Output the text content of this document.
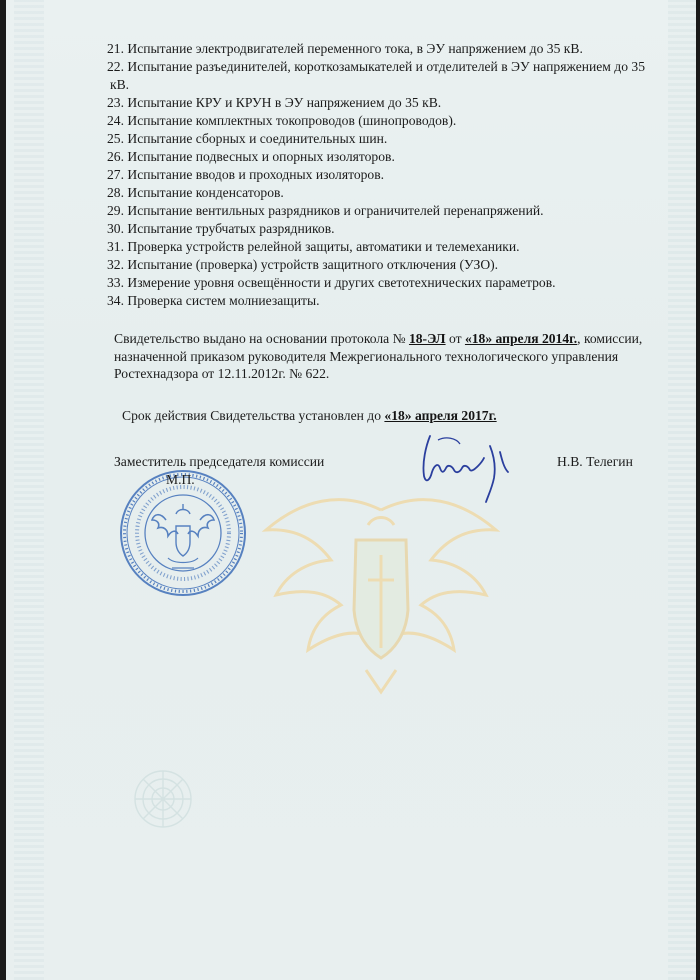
21. Испытание электродвигателей переменного тока, в ЭУ напряжением до 35 кВ.
22. Испытание разъединителей, короткозамыкателей и отделителей в ЭУ напряжением до 35 кВ.
23. Испытание КРУ и КРУН в ЭУ напряжением до 35 кВ.
24. Испытание комплектных токопроводов (шинопроводов).
25. Испытание сборных и соединительных шин.
26. Испытание подвесных и опорных изоляторов.
27. Испытание вводов и проходных изоляторов.
28. Испытание конденсаторов.
29. Испытание вентильных разрядников и ограничителей перенапряжений.
30. Испытание трубчатых разрядников.
31. Проверка устройств релейной защиты, автоматики и телемеханики.
32. Испытание (проверка) устройств защитного отключения (УЗО).
33. Измерение уровня освещённости и других светотехнических параметров.
34. Проверка систем молниезащиты.

Свидетельство выдано на основании протокола № 18-ЭЛ от «18» апреля 2014г., комиссии, назначенной приказом руководителя Межрегионального технологического управления Ростехнадзора от 12.11.2012г. № 622.

Срок действия Свидетельства установлен до «18» апреля 2017г.

Заместитель председателя комиссии
М.П.
Н.В. Телегин
